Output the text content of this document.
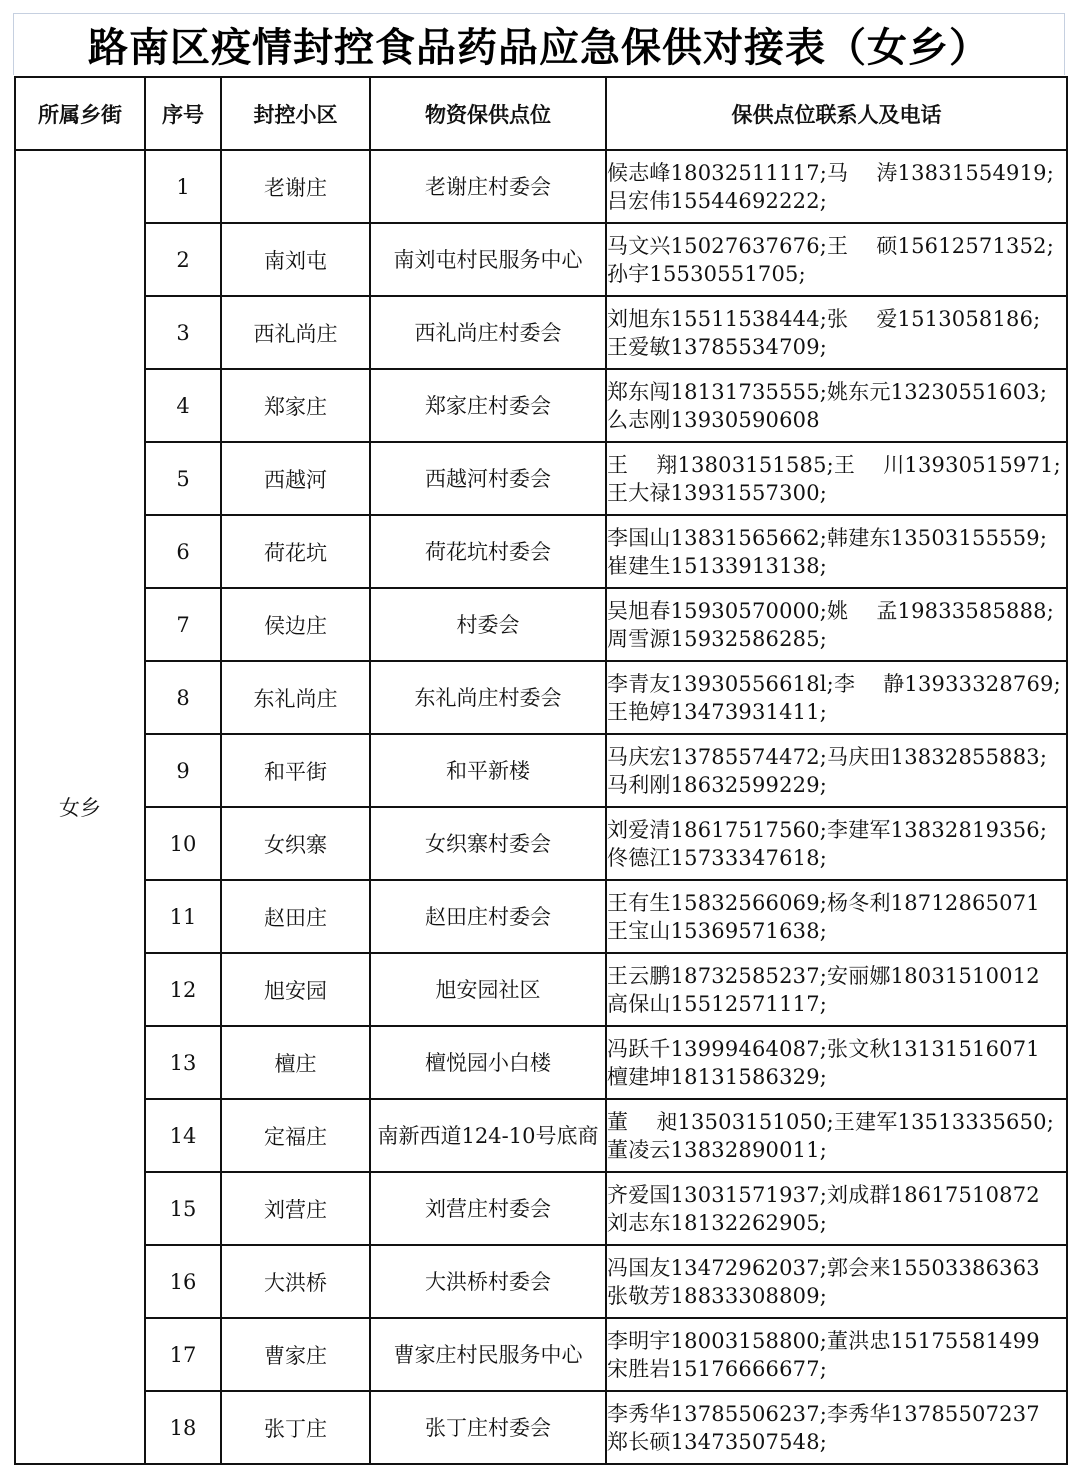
路南区疫情封控食品药品应急保供对接表（女乡）
所属乡街	序号	封控小区	物资保供点位	保供点位联系人及电话
女乡	1	老谢庄	老谢庄村委会	候志峰18032511117;马　 涛13831554919;
吕宏伟15544692222;
	2	南刘屯	南刘屯村民服务中心	马文兴15027637676;王　 硕15612571352;
孙宇15530551705;
	3	西礼尚庄	西礼尚庄村委会	刘旭东15511538444;张　 爱1513058186;
王爱敏13785534709;
	4	郑家庄	郑家庄村委会	郑东闯18131735555;姚东元13230551603;
么志刚13930590608
	5	西越河	西越河村委会	王　 翔13803151585;王　 川13930515971;
王大禄13931557300;
	6	荷花坑	荷花坑村委会	李国山13831565662;韩建东13503155559;
崔建生15133913138;
	7	侯边庄	村委会	吴旭春15930570000;姚　 孟19833585888;
周雪源15932586285;
	8	东礼尚庄	东礼尚庄村委会	李青友13930556618l;李　 静13933328769;
王艳婷13473931411;
	9	和平街	和平新楼	马庆宏13785574472;马庆田13832855883;
马利刚18632599229;
	10	女织寨	女织寨村委会	刘爱清18617517560;李建军13832819356;
佟德江15733347618;
	11	赵田庄	赵田庄村委会	王有生15832566069;杨冬利18712865071
王宝山15369571638;
	12	旭安园	旭安园社区	王云鹏18732585237;安丽娜18031510012
高保山15512571117;
	13	檀庄	檀悦园小白楼	冯跃千13999464087;张文秋13131516071
檀建坤18131586329;
	14	定福庄	南新西道124-10号底商	董　 昶13503151050;王建军13513335650;
董凌云13832890011;
	15	刘营庄	刘营庄村委会	齐爱国13031571937;刘成群18617510872
刘志东18132262905;
	16	大洪桥	大洪桥村委会	冯国友13472962037;郭会来15503386363
张敬芳18833308809;
	17	曹家庄	曹家庄村民服务中心	李明宇18003158800;董洪忠15175581499
宋胜岩15176666677;
	18	张丁庄	张丁庄村委会	李秀华13785506237;李秀华13785507237
郑长硕13473507548;
